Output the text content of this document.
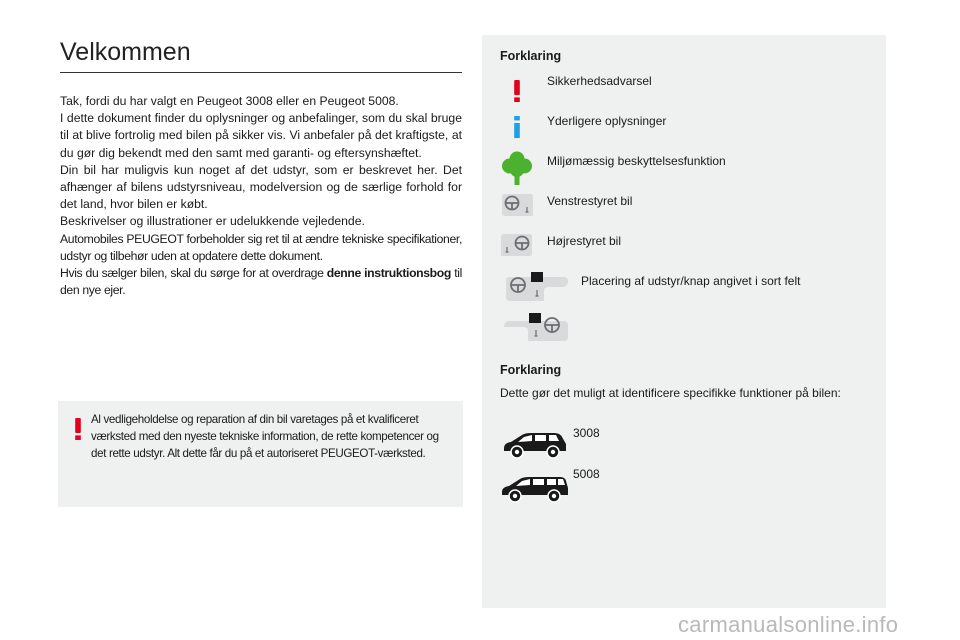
Velkommen

Tak, fordi du har valgt en Peugeot 3008 eller en Peugeot 5008.

I dette dokument finder du oplysninger og anbefalinger, som du skal bruge til at blive fortrolig med bilen på sikker vis. Vi anbefaler på det kraftigste, at du gør dig bekendt med den samt med garanti- og eftersynshæftet.

Din bil har muligvis kun noget af det udstyr, som er beskrevet her. Det afhænger af bilens udstyrsniveau, modelversion og de særlige forhold for det land, hvor bilen er købt.

Beskrivelser og illustrationer er udelukkende vejledende.

Automobiles PEUGEOT forbeholder sig ret til at ændre tekniske specifikationer, udstyr og tilbehør uden at opdatere dette dokument.

Hvis du sælger bilen, skal du sørge for at overdrage denne instruktionsbog til den nye ejer.

Al vedligeholdelse og reparation af din bil varetages på et kvalificeret værksted med den nyeste tekniske information, de rette kompetencer og det rette udstyr. Alt dette får du på et autoriseret PEUGEOT-værksted.
Forklaring
Sikkerhedsadvarsel
Yderligere oplysninger
Miljømæssig beskyttelsesfunktion
Venstrestyret bil
Højrestyret bil
Placering af udstyr/knap angivet i sort felt
Forklaring
Dette gør det muligt at identificere specifikke funktioner på bilen:
3008
5008
carmanualsonline.info
